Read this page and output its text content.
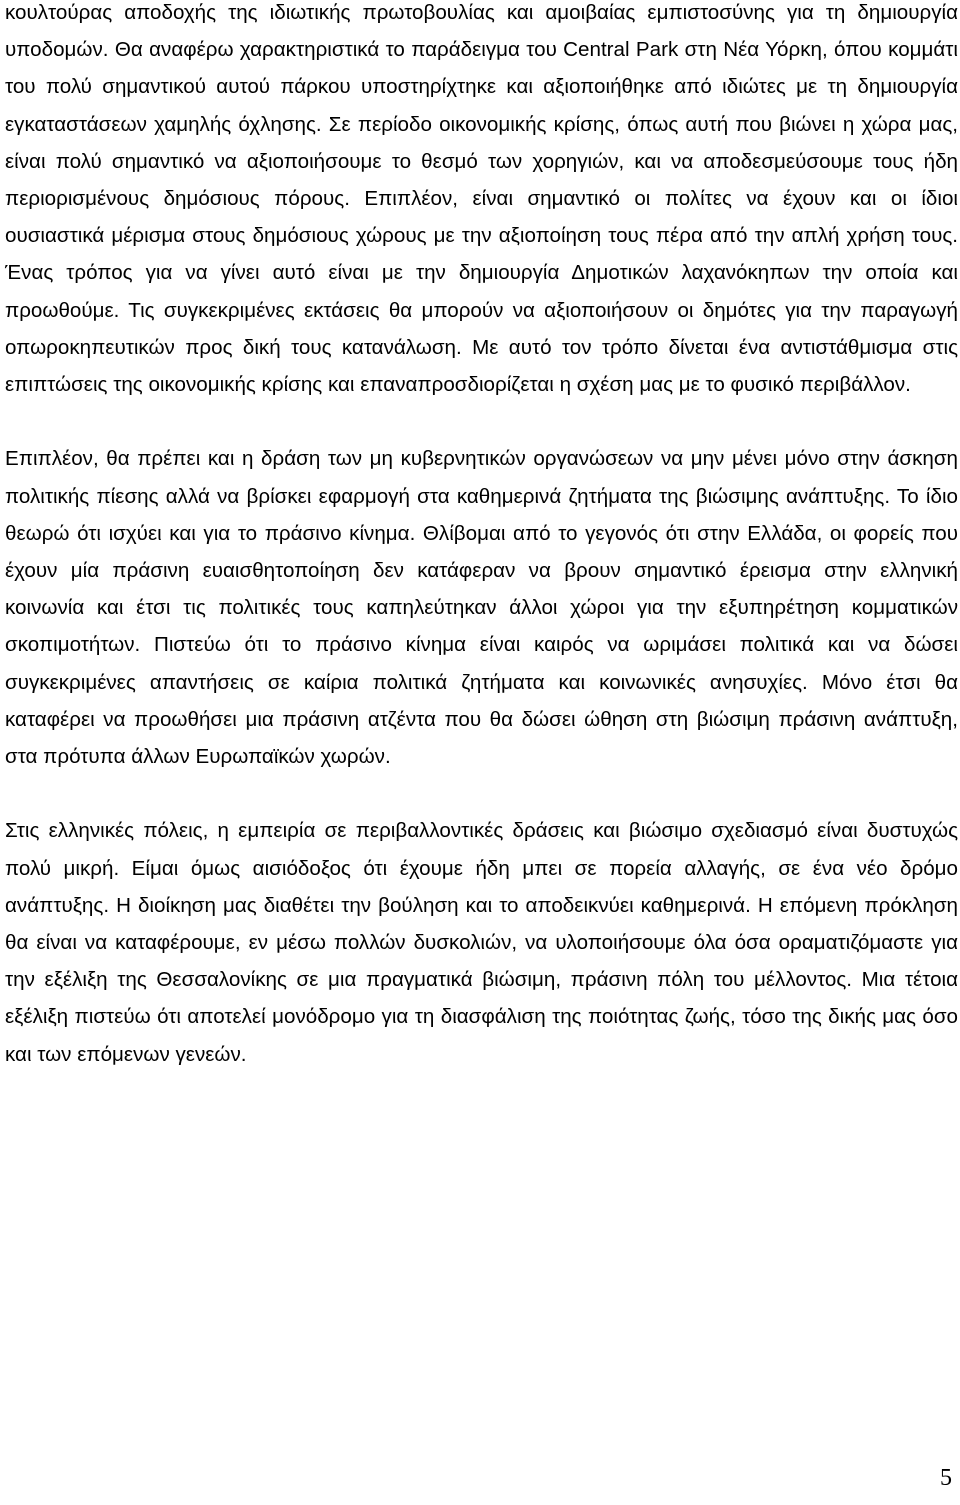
κουλτούρας αποδοχής της ιδιωτικής πρωτοβουλίας και αμοιβαίας εμπιστοσύνης για τη δημιουργία υποδομών. Θα αναφέρω χαρακτηριστικά το παράδειγμα του Central Park στη Νέα Υόρκη, όπου κομμάτι του πολύ σημαντικού αυτού πάρκου υποστηρίχτηκε και αξιοποιήθηκε από ιδιώτες με τη δημιουργία εγκαταστάσεων χαμηλής όχλησης. Σε περίοδο οικονομικής κρίσης, όπως αυτή που βιώνει η χώρα μας, είναι πολύ σημαντικό να αξιοποιήσουμε το θεσμό των χορηγιών, και να αποδεσμεύσουμε τους ήδη περιορισμένους δημόσιους πόρους. Επιπλέον, είναι σημαντικό οι πολίτες να έχουν και οι ίδιοι ουσιαστικά μέρισμα στους δημόσιους χώρους με την αξιοποίηση τους πέρα από την απλή χρήση τους. Ένας τρόπος για να γίνει αυτό είναι με την δημιουργία Δημοτικών λαχανόκηπων την οποία και προωθούμε. Τις συγκεκριμένες εκτάσεις θα μπορούν να αξιοποιήσουν οι δημότες για την παραγωγή οπωροκηπευτικών προς δική τους κατανάλωση. Με αυτό τον τρόπο δίνεται ένα αντιστάθμισμα στις επιπτώσεις της οικονομικής κρίσης και επαναπροσδιορίζεται η σχέση μας με το φυσικό περιβάλλον.

Επιπλέον, θα πρέπει και η δράση των μη κυβερνητικών οργανώσεων να μην μένει μόνο στην άσκηση πολιτικής πίεσης αλλά να βρίσκει εφαρμογή στα καθημερινά ζητήματα της βιώσιμης ανάπτυξης. Το ίδιο θεωρώ ότι ισχύει και για το πράσινο κίνημα. Θλίβομαι από το γεγονός ότι στην Ελλάδα, οι φορείς που έχουν μία πράσινη ευαισθητοποίηση δεν κατάφεραν να βρουν σημαντικό έρεισμα στην ελληνική κοινωνία και έτσι τις πολιτικές τους καπηλεύτηκαν άλλοι χώροι για την εξυπηρέτηση κομματικών σκοπιμοτήτων. Πιστεύω ότι το πράσινο κίνημα είναι καιρός να ωριμάσει πολιτικά και να δώσει συγκεκριμένες απαντήσεις σε καίρια πολιτικά ζητήματα και κοινωνικές ανησυχίες. Μόνο έτσι θα καταφέρει να προωθήσει μια πράσινη ατζέντα που θα δώσει ώθηση στη βιώσιμη πράσινη ανάπτυξη, στα πρότυπα άλλων Ευρωπαϊκών χωρών.

Στις ελληνικές πόλεις, η εμπειρία σε περιβαλλοντικές δράσεις και βιώσιμο σχεδιασμό είναι δυστυχώς πολύ μικρή. Είμαι όμως αισιόδοξος ότι έχουμε ήδη μπει σε πορεία αλλαγής, σε ένα νέο δρόμο ανάπτυξης. Η διοίκηση μας διαθέτει την βούληση και το αποδεικνύει καθημερινά. Η επόμενη πρόκληση θα είναι να καταφέρουμε, εν μέσω πολλών δυσκολιών, να υλοποιήσουμε όλα όσα οραματιζόμαστε για την εξέλιξη της Θεσσαλονίκης σε μια πραγματικά βιώσιμη, πράσινη πόλη του μέλλοντος. Μια τέτοια εξέλιξη πιστεύω ότι αποτελεί μονόδρομο για τη διασφάλιση της ποιότητας ζωής, τόσο της δικής μας όσο και των επόμενων γενεών.

5
